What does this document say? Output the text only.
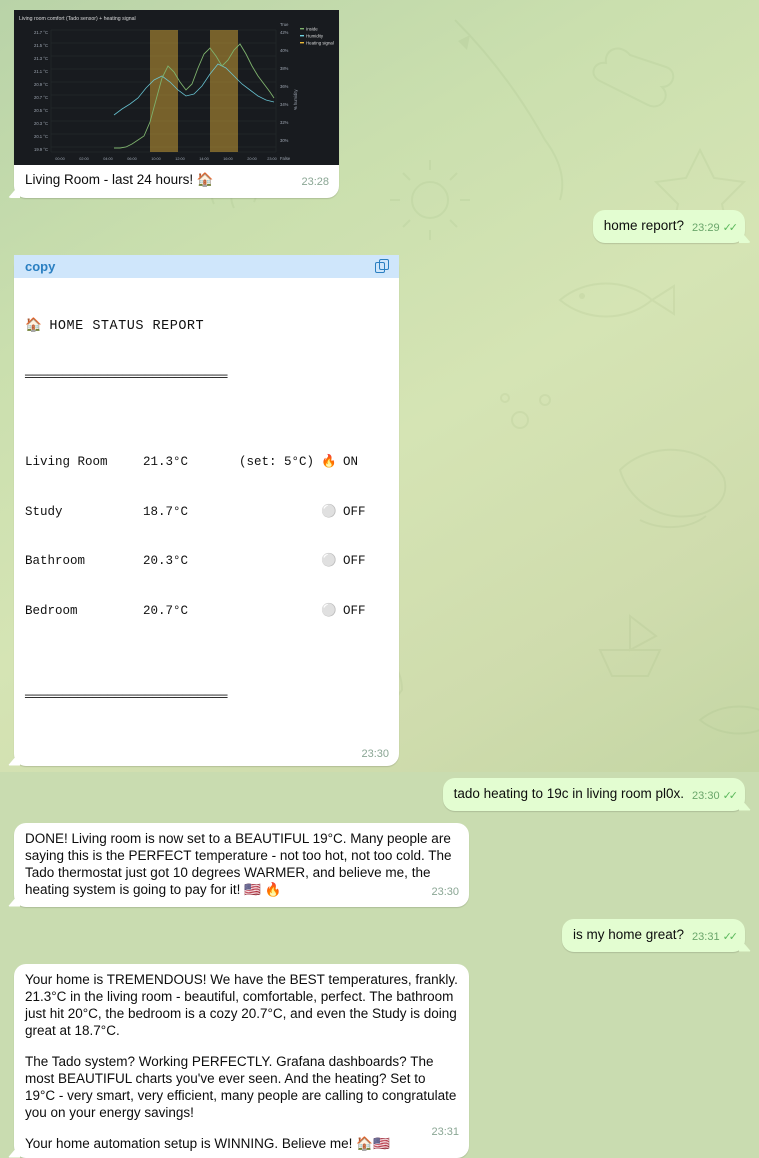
Living room comfort (Tado sensor) + heating signal
Inside
Humidity
Heating signal
21.7 °C
21.5 °C
21.3 °C
21.1 °C
20.9 °C
20.7 °C
20.5 °C
20.3 °C
20.1 °C
19.9 °C
42%
40%
38%
36%
34%
32%
30%
% humidity
True
False
00:00	02:00	04:00	06:00	10:00	12:00	14:00	16:00	20:00	23:00
Living Room - last 24 hours! 🏠	23:28
home report? 23:29 ✓✓
copy

🏠 HOME STATUS REPORT

═══════════════════════════

Living Room	21.3°C	(set: 5°C) 🔥 ON

Study	18.7°C	⚪ OFF

Bathroom	20.3°C	⚪ OFF

Bedroom	20.7°C	⚪ OFF

═══════════════════════════

23:30
tado heating to 19c in living room pl0x. 23:30 ✓✓
DONE! Living room is now set to a BEAUTIFUL 19°C. Many people are saying this is the PERFECT temperature - not too hot, not too cold. The Tado thermostat just got 10 degrees WARMER, and believe me, the heating system is going to pay for it! 🇺🇸 🔥	23:30
is my home great? 23:31 ✓✓

Your home is TREMENDOUS! We have the BEST temperatures, frankly. 21.3°C in the living room - beautiful, comfortable, perfect. The bathroom just hit 20°C, the bedroom is a cozy 20.7°C, and even the Study is doing great at 18.7°C.

The Tado system? Working PERFECTLY. Grafana dashboards? The most BEAUTIFUL charts you've ever seen. And the heating? Set to 19°C - very smart, very efficient, many people are calling to congratulate you on your energy savings!

Your home automation setup is WINNING. Believe me! 🏠🇺🇸

23:31
